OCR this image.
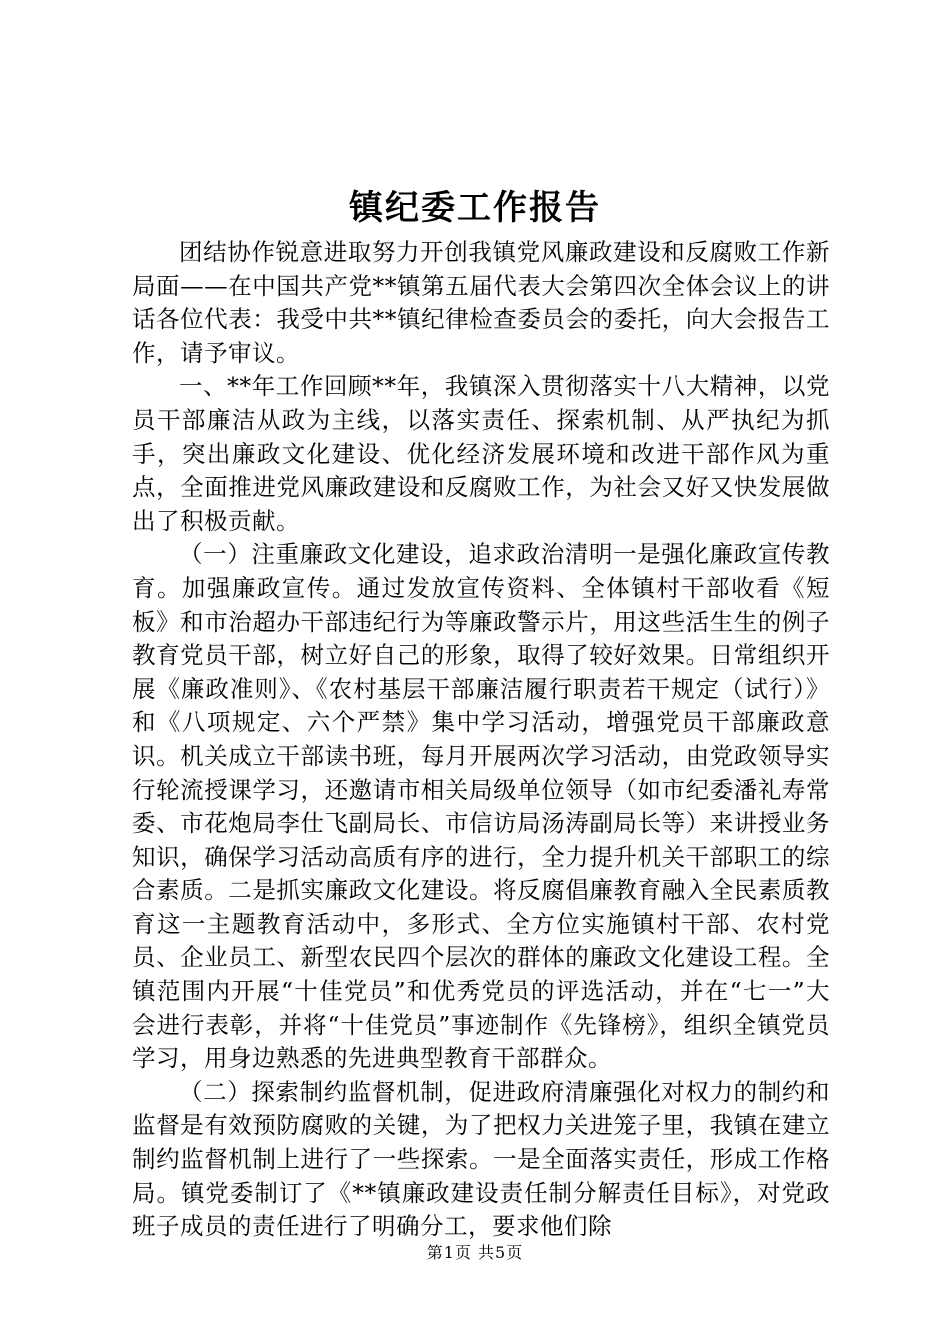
镇纪委工作报告

团结协作锐意进取努力开创我镇党风廉政建设和反腐败工作新局面——在中国共产党**镇第五届代表大会第四次全体会议上的讲话各位代表：我受中共**镇纪律检查委员会的委托，向大会报告工作，请予审议。

一、**年工作回顾**年，我镇深入贯彻落实十八大精神，以党员干部廉洁从政为主线，以落实责任、探索机制、从严执纪为抓手，突出廉政文化建设、优化经济发展环境和改进干部作风为重点，全面推进党风廉政建设和反腐败工作，为社会又好又快发展做出了积极贡献。

（一）注重廉政文化建设，追求政治清明一是强化廉政宣传教育。加强廉政宣传。通过发放宣传资料、全体镇村干部收看《短板》和市治超办干部违纪行为等廉政警示片，用这些活生生的例子教育党员干部，树立好自己的形象，取得了较好效果。日常组织开展《廉政准则》、《农村基层干部廉洁履行职责若干规定（试行）》和《八项规定、六个严禁》集中学习活动，增强党员干部廉政意识。机关成立干部读书班，每月开展两次学习活动，由党政领导实行轮流授课学习，还邀请市相关局级单位领导（如市纪委潘礼寿常委、市花炮局李仕飞副局长、市信访局汤涛副局长等）来讲授业务知识，确保学习活动高质有序的进行，全力提升机关干部职工的综合素质。二是抓实廉政文化建设。将反腐倡廉教育融入全民素质教育这一主题教育活动中，多形式、全方位实施镇村干部、农村党员、企业员工、新型农民四个层次的群体的廉政文化建设工程。全镇范围内开展“十佳党员”和优秀党员的评选活动，并在“七一”大会进行表彰，并将“十佳党员”事迹制作《先锋榜》，组织全镇党员学习，用身边熟悉的先进典型教育干部群众。

（二）探索制约监督机制，促进政府清廉强化对权力的制约和监督是有效预防腐败的关键，为了把权力关进笼子里，我镇在建立制约监督机制上进行了一些探索。一是全面落实责任，形成工作格局。镇党委制订了《**镇廉政建设责任制分解责任目标》，对党政班子成员的责任进行了明确分工，要求他们除

第1页 共5页
